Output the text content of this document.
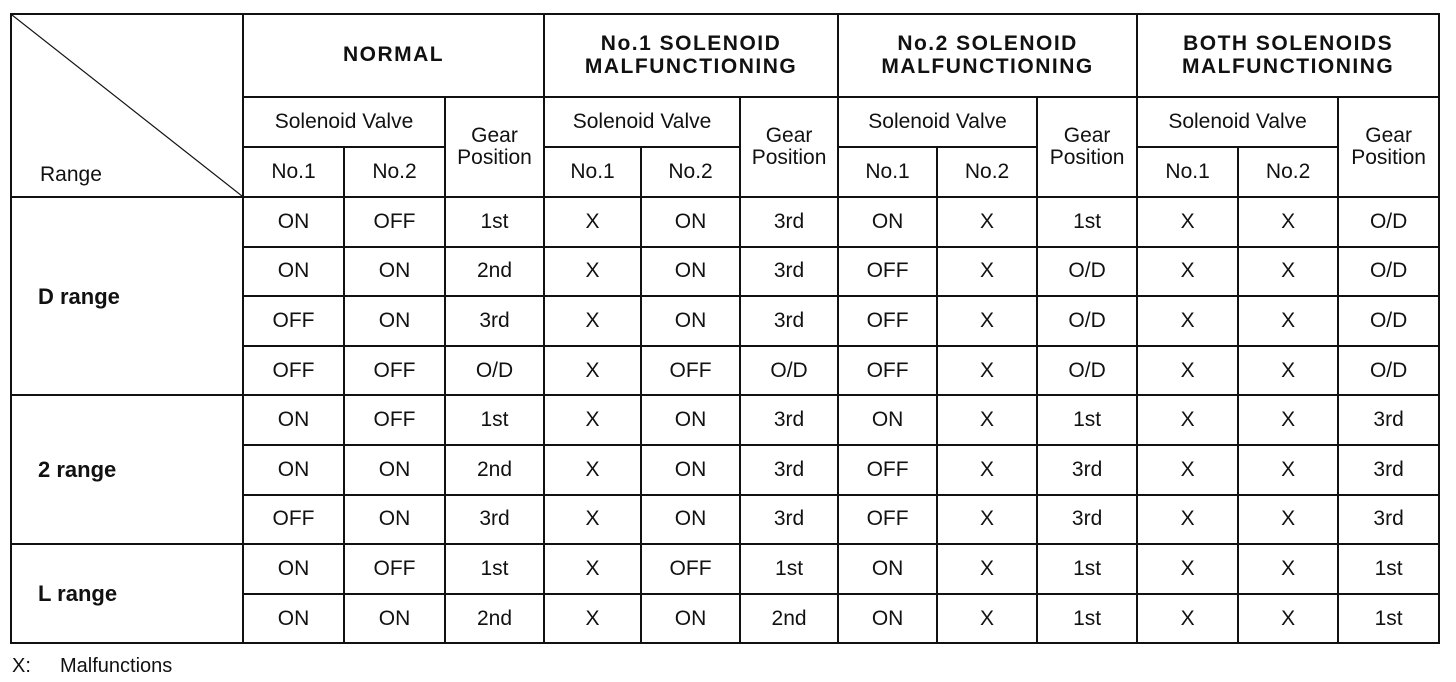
Range	NORMAL			No.1 SOLENOID MALFUNCTIONING			No.2 SOLENOID MALFUNCTIONING			BOTH SOLENOIDS MALFUNCTIONING		
	Solenoid Valve		Gear Position	Solenoid Valve		Gear Position	Solenoid Valve		Gear Position	Solenoid Valve		Gear Position
	No.1	No.2		No.1	No.2		No.1	No.2		No.1	No.2	
D range	ON	OFF	1st	X	ON	3rd	ON	X	1st	X	X	O/D
	ON	ON	2nd	X	ON	3rd	OFF	X	O/D	X	X	O/D
	OFF	ON	3rd	X	ON	3rd	OFF	X	O/D	X	X	O/D
	OFF	OFF	O/D	X	OFF	O/D	OFF	X	O/D	X	X	O/D
2 range	ON	OFF	1st	X	ON	3rd	ON	X	1st	X	X	3rd
	ON	ON	2nd	X	ON	3rd	OFF	X	3rd	X	X	3rd
	OFF	ON	3rd	X	ON	3rd	OFF	X	3rd	X	X	3rd
L range	ON	OFF	1st	X	OFF	1st	ON	X	1st	X	X	1st
	ON	ON	2nd	X	ON	2nd	ON	X	1st	X	X	1st
X: Malfunctions
